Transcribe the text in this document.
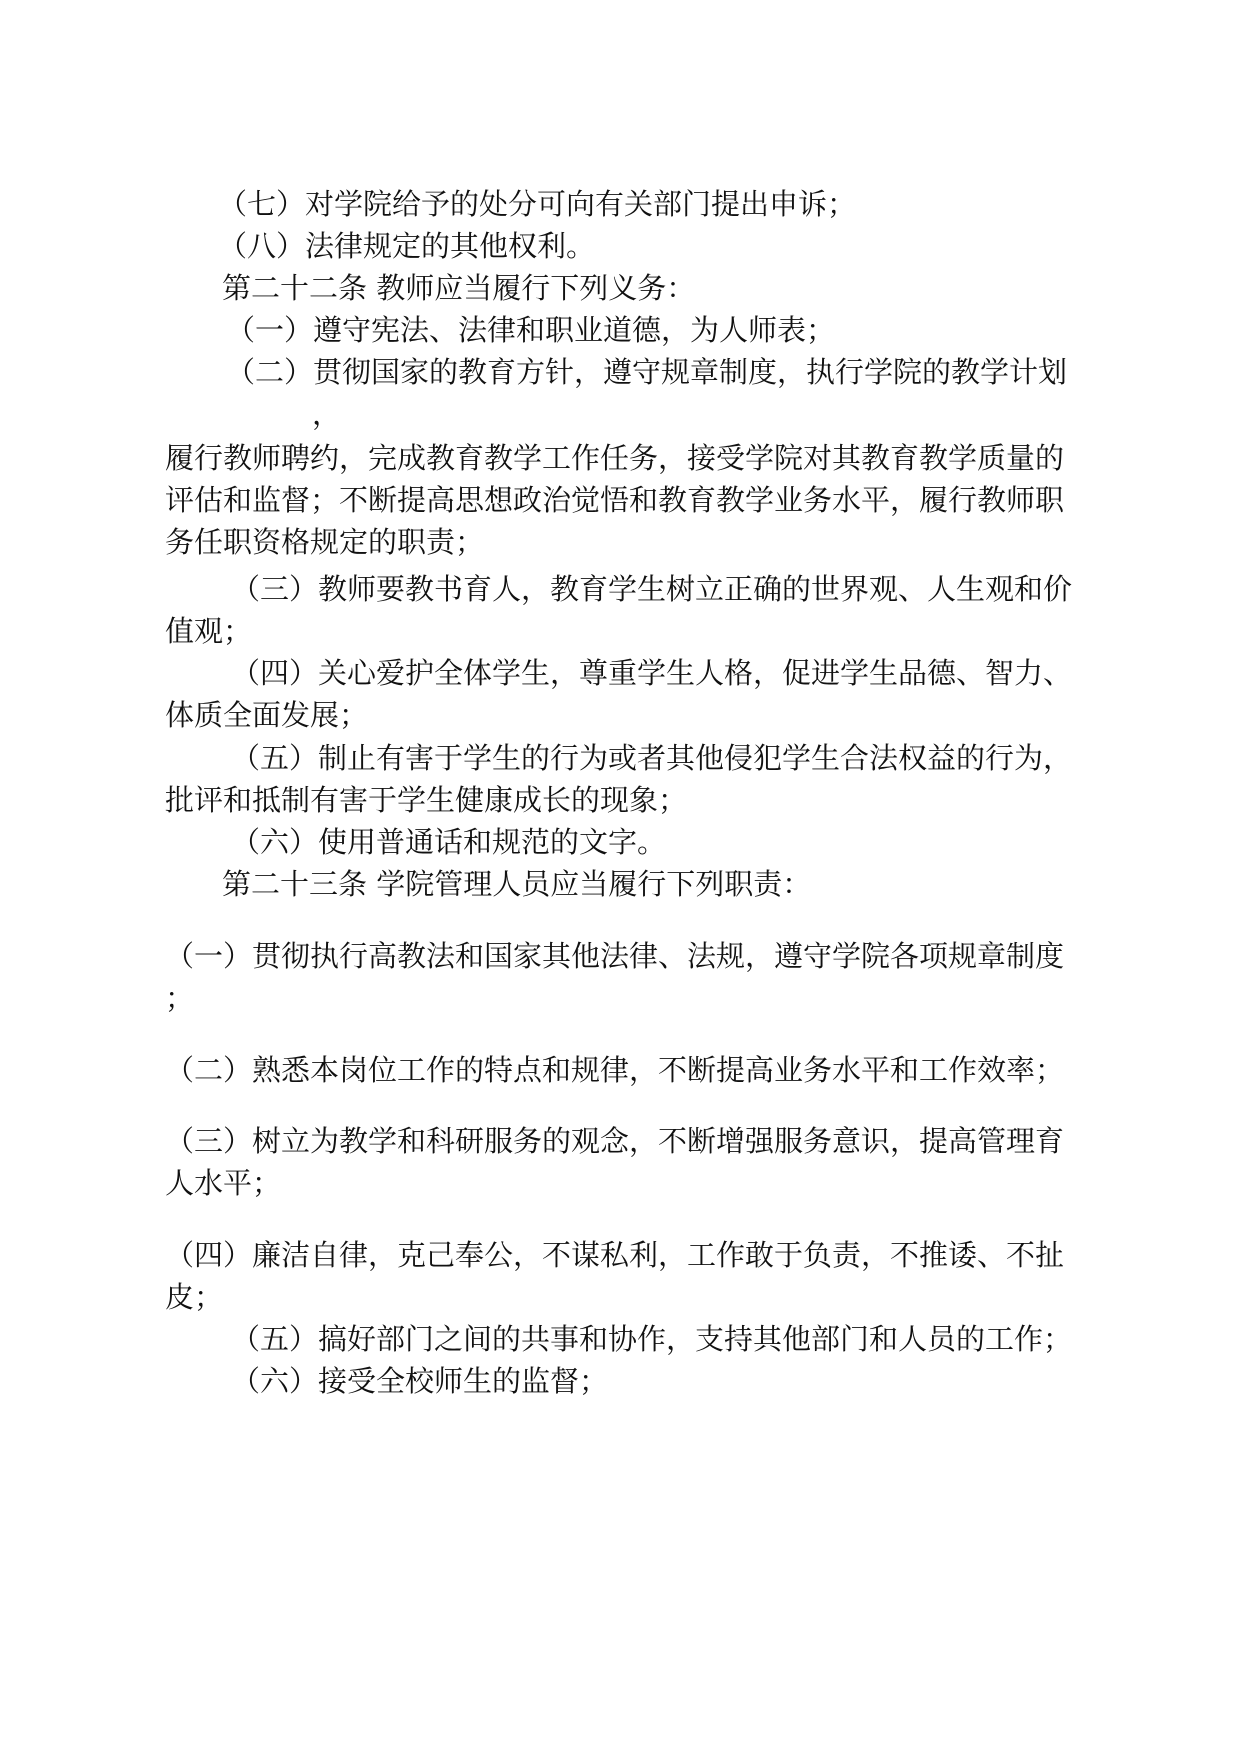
（七）对学院给予的处分可向有关部门提出申诉；
（八）法律规定的其他权利。
第二十二条 教师应当履行下列义务：
（一）遵守宪法、法律和职业道德，为人师表；
（二）贯彻国家的教育方针，遵守规章制度，执行学院的教学计划
，
履行教师聘约，完成教育教学工作任务，接受学院对其教育教学质量的
评估和监督；不断提高思想政治觉悟和教育教学业务水平，履行教师职
务任职资格规定的职责；
（三）教师要教书育人，教育学生树立正确的世界观、人生观和价
值观；
（四）关心爱护全体学生，尊重学生人格，促进学生品德、智力、
体质全面发展；
（五）制止有害于学生的行为或者其他侵犯学生合法权益的行为，
批评和抵制有害于学生健康成长的现象；
（六）使用普通话和规范的文字。
第二十三条 学院管理人员应当履行下列职责：
（一）贯彻执行高教法和国家其他法律、法规，遵守学院各项规章制度
；
（二）熟悉本岗位工作的特点和规律，不断提高业务水平和工作效率；
（三）树立为教学和科研服务的观念，不断增强服务意识，提高管理育
人水平；
（四）廉洁自律，克己奉公，不谋私利，工作敢于负责，不推诿、不扯
皮；
（五）搞好部门之间的共事和协作，支持其他部门和人员的工作；
（六）接受全校师生的监督；
